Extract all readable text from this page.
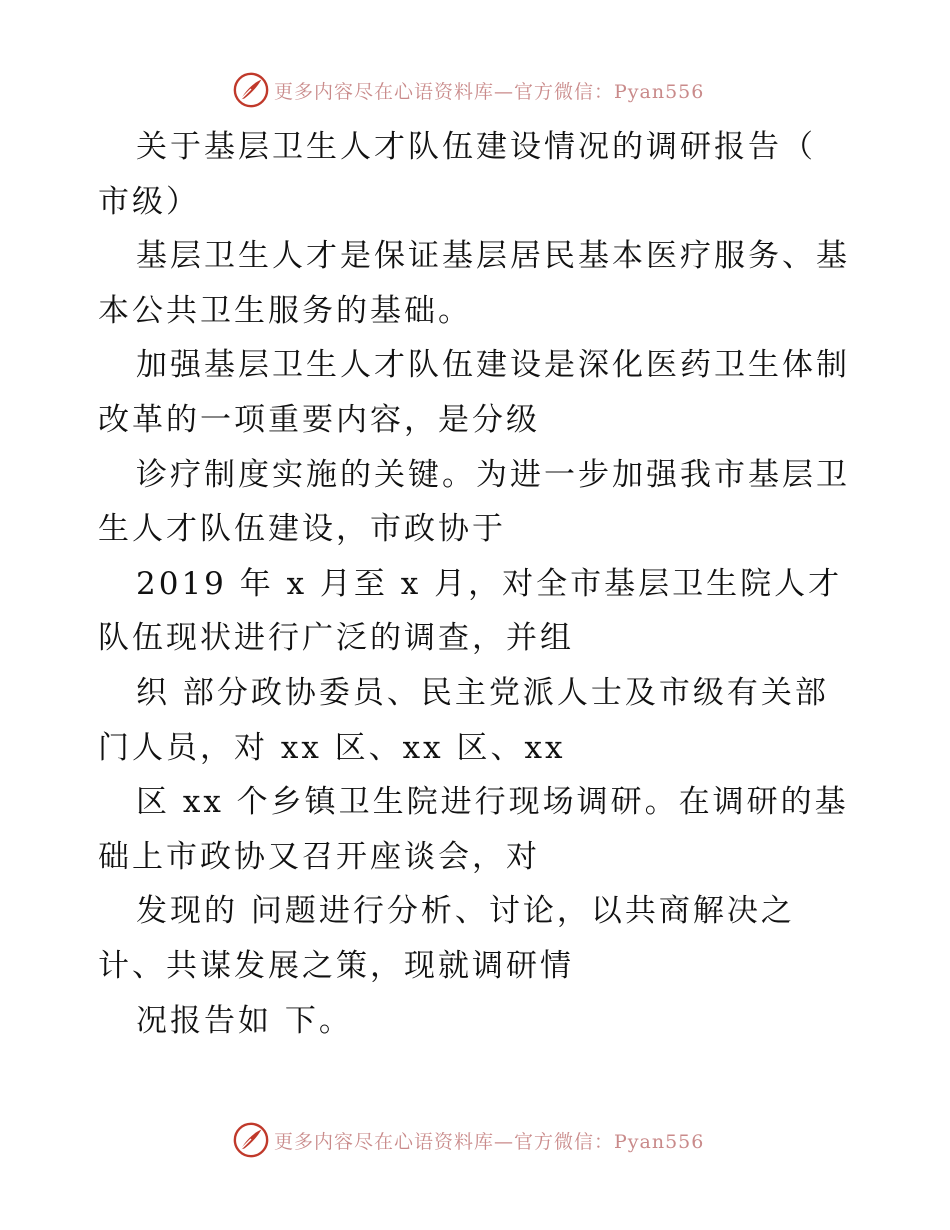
更多内容尽在心语资料库—官方微信：Pyan556
关于基层卫生人才队伍建设情况的调研报告（
市级）
基层卫生人才是保证基层居民基本医疗服务、基
本公共卫生服务的基础。
加强基层卫生人才队伍建设是深化医药卫生体制
改革的一项重要内容，是分级
诊疗制度实施的关键。为进一步加强我市基层卫
生人才队伍建设，市政协于
2019 年 x 月至 x 月，对全市基层卫生院人才
队伍现状进行广泛的调查，并组
织 部分政协委员、民主党派人士及市级有关部
门人员，对 xx 区、xx 区、xx
区 xx 个乡镇卫生院进行现场调研。在调研的基
础上市政协又召开座谈会，对
发现的 问题进行分析、讨论，以共商解决之
计、共谋发展之策，现就调研情
况报告如 下。
更多内容尽在心语资料库—官方微信：Pyan556
